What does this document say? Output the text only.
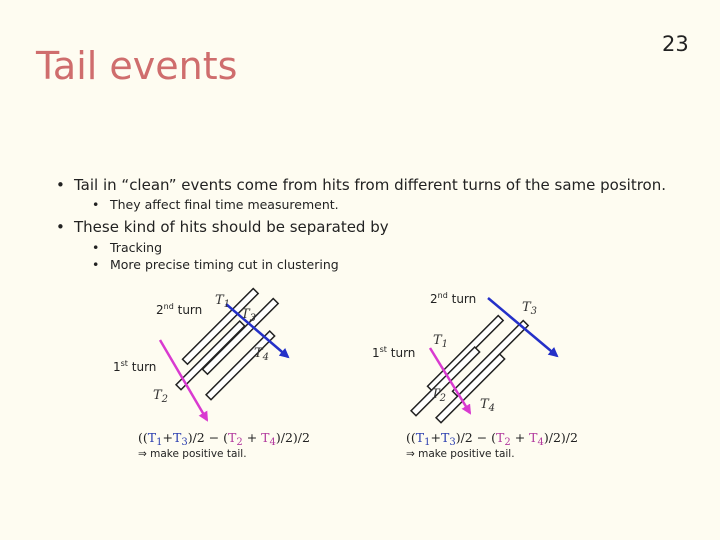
23
Tail events
• Tail in “clean” events come from hits from different turns of the same positron.
• They affect final time measurement.
• These kind of hits should be separated by
• Tracking
• More precise timing cut in clustering
2nd turn
1st turn
$T_1$
$T_3$
$T_4$
$T_2$
$((T_1+T_3)/2 - (T_2 + T_4)/2)/2$
⇒ make positive tail.
2nd turn
1st turn
$T_3$
$T_1$
$T_2$	$T_4$
$((T_1+T_3)/2 - (T_2 + T_4)/2)/2$
⇒ make positive tail.
